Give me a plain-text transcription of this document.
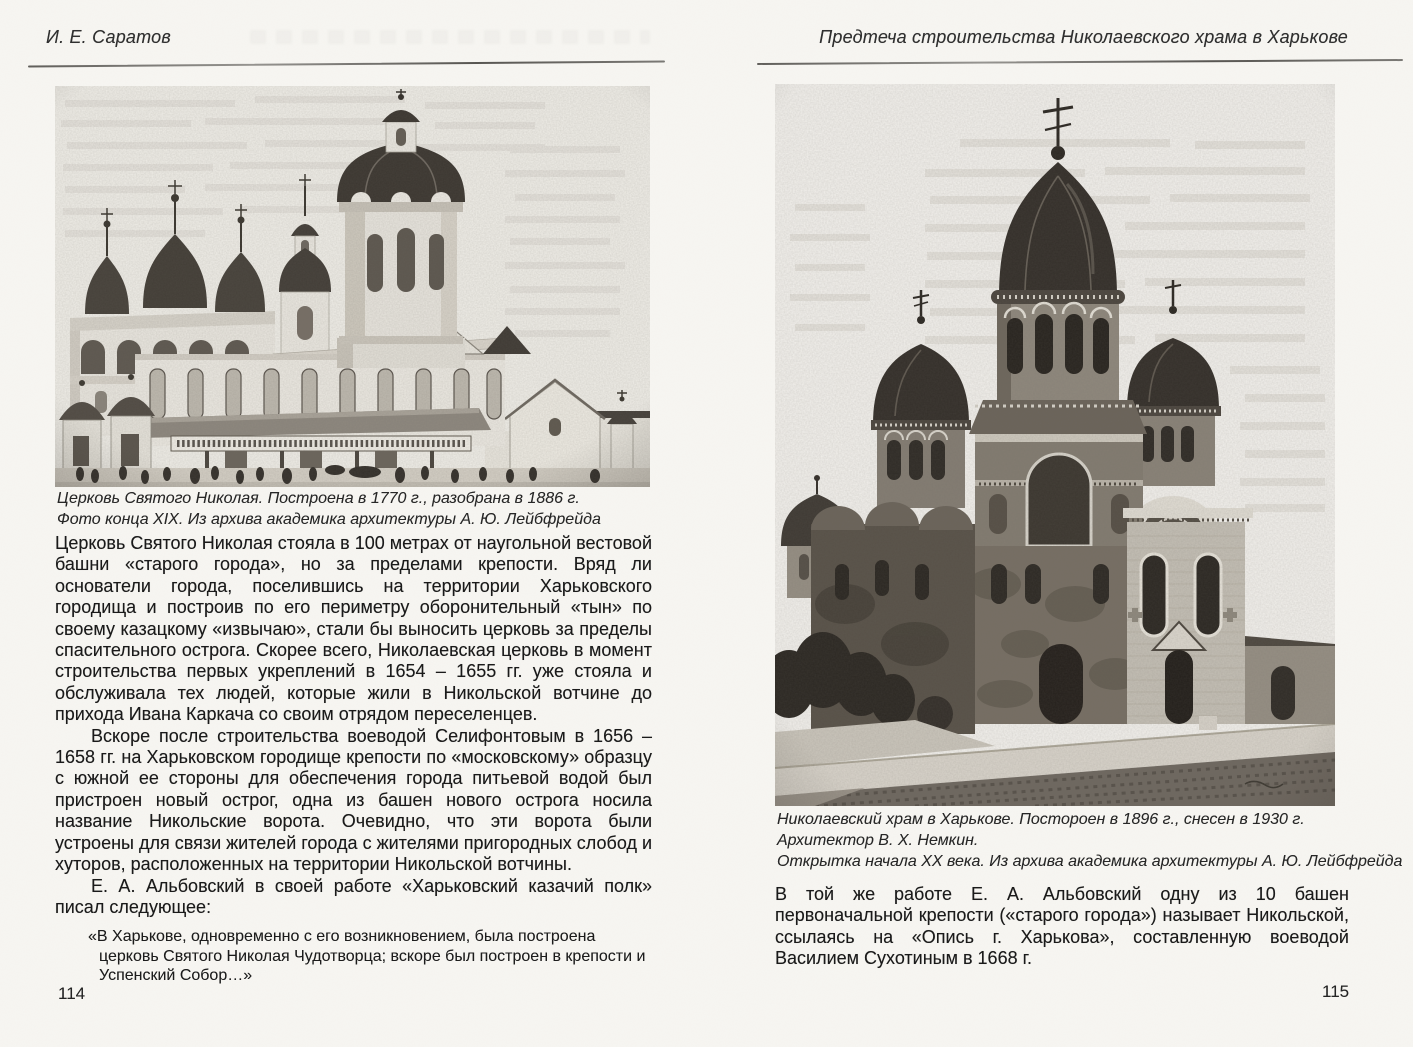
И. Е. Саратов
Церковь Святого Николая. Построена в 1770 г., разобрана в 1886 г.
Фото конца XIX. Из архива академика архитектуры А. Ю. Лейбфрейда

Церковь Святого Николая стояла в 100 метрах от наугольной вестовой башни «старого города», но за пределами крепости. Вряд ли основатели города, поселившись на территории Харьковского городища и построив по его периметру оборонительный «тын» по своему казацкому «извычаю», стали бы выносить церковь за пределы спасительного острога. Скорее всего, Николаевская церковь в момент строительства первых укреплений в 1654 – 1655 гг. уже стояла и обслуживала тех людей, которые жили в Никольской вотчине до прихода Ивана Каркача со своим отрядом переселенцев.

Вскоре после строительства воеводой Селифонтовым в 1656 – 1658 гг. на Харьковском городище крепости по «московскому» образцу с южной ее стороны для обеспечения города питьевой водой был пристроен новый острог, одна из башен нового острога носила название Никольские ворота. Очевидно, что эти ворота были устроены для связи жителей города с жителями пригородных слобод и хуторов, расположенных на территории Никольской вотчины.

Е. А. Альбовский в своей работе «Харьковский казачий полк» писал следующее:

«В Харькове, одновременно с его возникновением, была построена церковь Святого Николая Чудотворца; вскоре был построен в крепости и Успенский Собор…»
114
Предтеча строительства Николаевского храма в Харькове
Николаевский храм в Харькове. Постороен в 1896 г., снесен в 1930 г.
Архитектор В. Х. Немкин.
Открытка начала XX века. Из архива академика архитектуры А. Ю. Лейбфрейда

В той же работе Е. А. Альбовский одну из 10 башен первоначальной крепости («старого города») называет Никольской, ссылаясь на «Опись г. Харькова», составленную воеводой Василием Сухотиным в 1668 г.

115
